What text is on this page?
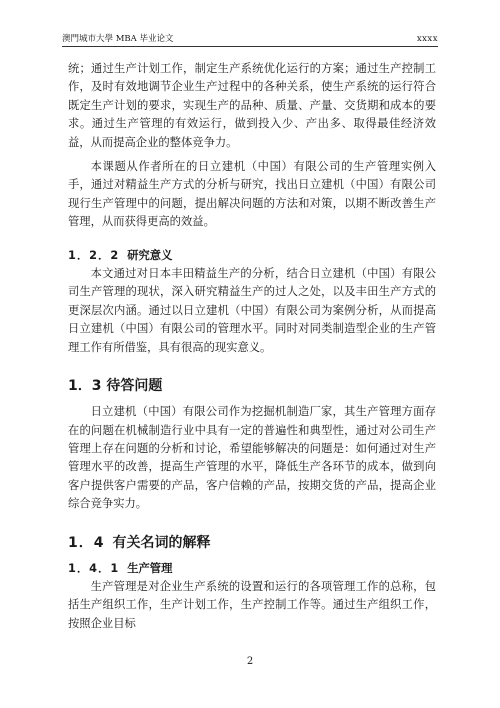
澳門城市大學 MBA 毕业论文	xxxx

统；通过生产计划工作，制定生产系统优化运行的方案；通过生产控制工作，及时有效地调节企业生产过程中的各种关系，使生产系统的运行符合既定生产计划的要求，实现生产的品种、质量、产量、交货期和成本的要求。通过生产管理的有效运行，做到投入少、产出多、取得最佳经济效益，从而提高企业的整体竞争力。

本课题从作者所在的日立建机（中国）有限公司的生产管理实例入手，通过对精益生产方式的分析与研究，找出日立建机（中国）有限公司现行生产管理中的问题，提出解决问题的方法和对策，以期不断改善生产管理，从而获得更高的效益。

1．2．2 研究意义

本文通过对日本丰田精益生产的分析，结合日立建机（中国）有限公司生产管理的现状，深入研究精益生产的过人之处，以及丰田生产方式的更深层次内涵。通过以日立建机（中国）有限公司为案例分析，从而提高日立建机（中国）有限公司的管理水平。同时对同类制造型企业的生产管理工作有所借鉴，具有很高的现实意义。

1．3 待答问题

日立建机（中国）有限公司作为挖掘机制造厂家，其生产管理方面存在的问题在机械制造行业中具有一定的普遍性和典型性，通过对公司生产管理上存在问题的分析和讨论，希望能够解决的问题是：如何通过对生产管理水平的改善，提高生产管理的水平，降低生产各环节的成本，做到向客户提供客户需要的产品，客户信赖的产品，按期交货的产品，提高企业综合竞争实力。

1．4 有关名词的解释
1．4．1 生产管理

生产管理是对企业生产系统的设置和运行的各项管理工作的总称，包括生产组织工作，生产计划工作，生产控制工作等。通过生产组织工作，按照企业目标

2
